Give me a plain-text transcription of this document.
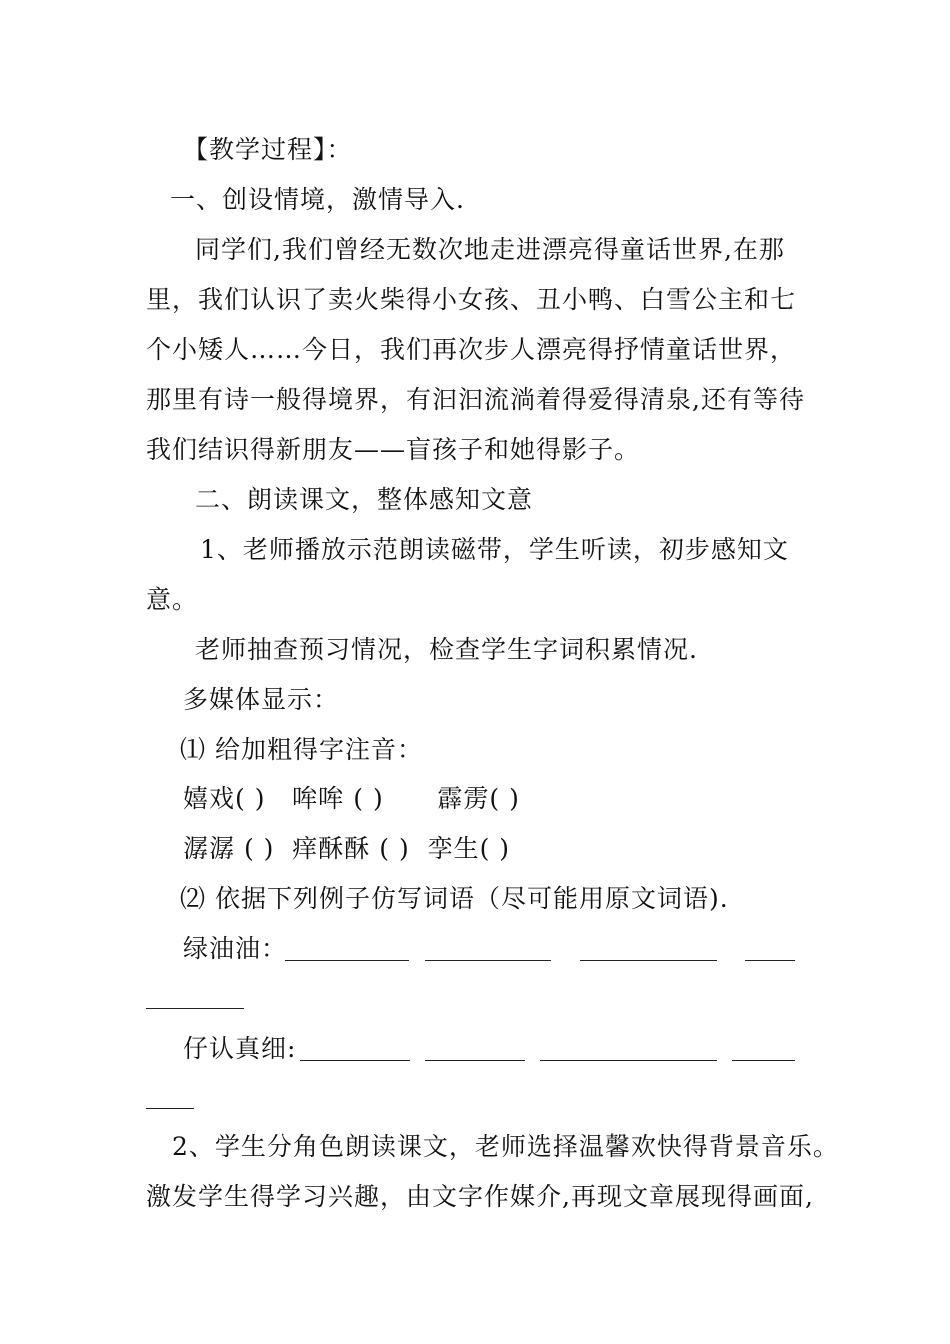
【教学过程】：
一、创设情境，激情导入.
同学们,我们曾经无数次地走进漂亮得童话世界,在那
里，我们认识了卖火柴得小女孩、丑小鸭、白雪公主和七
个小矮人……今日，我们再次步人漂亮得抒情童话世界，
那里有诗一般得境界，有汩汩流淌着得爱得清泉,还有等待
我们结识得新朋友——盲孩子和她得影子。
二、朗读课文，整体感知文意
1、老师播放示范朗读磁带，学生听读，初步感知文
意。
老师抽查预习情况，检查学生字词积累情况.
多媒体显示：
⑴ 给加粗得字注音：
嬉戏( )   哞哞 ( )      霹雳( )
潺潺 ( )  痒酥酥 ( )  孪生( )
⑵ 依据下列例子仿写词语（尽可能用原文词语).
绿油油：
仔认真细:
2、学生分角色朗读课文，老师选择温馨欢快得背景音乐。
激发学生得学习兴趣，由文字作媒介,再现文章展现得画面,
